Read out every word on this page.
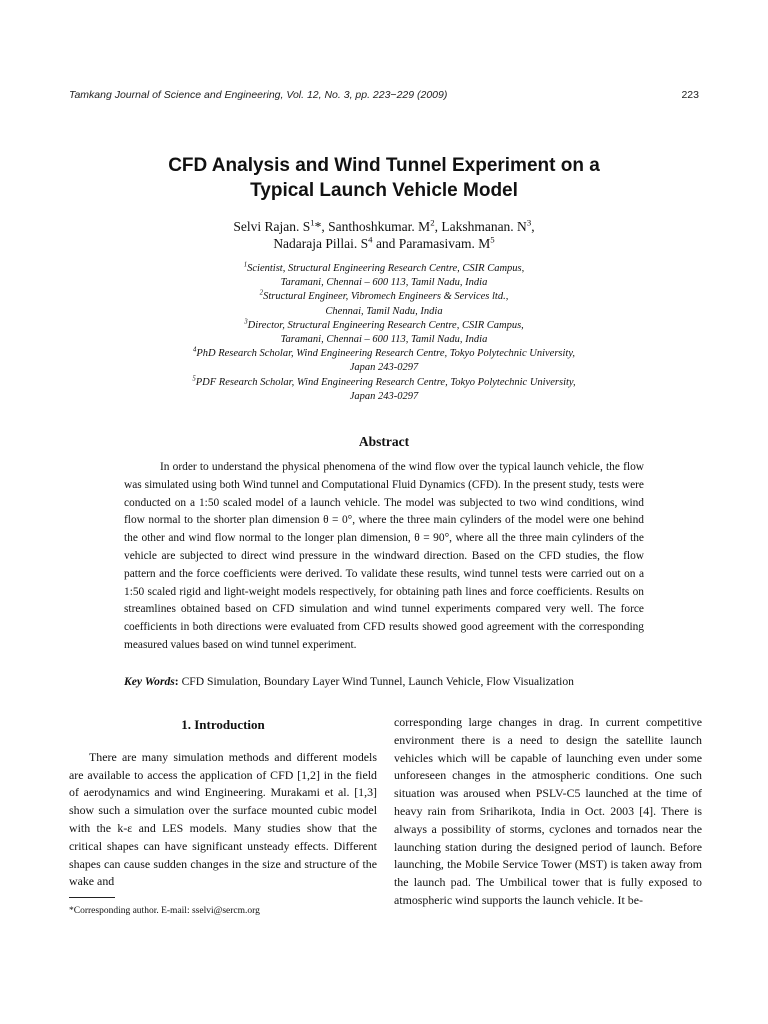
Tamkang Journal of Science and Engineering, Vol. 12, No. 3, pp. 223−229 (2009)	223
CFD Analysis and Wind Tunnel Experiment on a
Typical Launch Vehicle Model
Selvi Rajan. $S^1*$, Santhoshkumar. $M^2$, Lakshmanan. $N^3$,
Nadaraja Pillai. $S^4$ and Paramasivam. $M^5$
$^1$Scientist, Structural Engineering Research Centre, CSIR Campus,
Taramani, Chennai – 600 113, Tamil Nadu, India
$^2$Structural Engineer, Vibromech Engineers & Services ltd.,
Chennai, Tamil Nadu, India
$^3$Director, Structural Engineering Research Centre, CSIR Campus,
Taramani, Chennai – 600 113, Tamil Nadu, India
$^4$PhD Research Scholar, Wind Engineering Research Centre, Tokyo Polytechnic University,
Japan 243-0297
$^5$PDF Research Scholar, Wind Engineering Research Centre, Tokyo Polytechnic University,
Japan 243-0297
Abstract
In order to understand the physical phenomena of the wind flow over the typical launch vehicle, the flow was simulated using both Wind tunnel and Computational Fluid Dynamics (CFD). In the present study, tests were conducted on a 1:50 scaled model of a launch vehicle. The model was subjected to two wind conditions, wind flow normal to the shorter plan dimension θ = 0°, where the three main cylinders of the model were one behind the other and wind flow normal to the longer plan dimension, θ = 90°, where all the three main cylinders of the vehicle are subjected to direct wind pressure in the windward direction. Based on the CFD studies, the flow pattern and the force coefficients were derived. To validate these results, wind tunnel tests were carried out on a 1:50 scaled rigid and light-weight models respectively, for obtaining path lines and force coefficients. Results on streamlines obtained based on CFD simulation and wind tunnel experiments compared very well. The force coefficients in both directions were evaluated from CFD results showed good agreement with the corresponding measured values based on wind tunnel experiment.
Key Words: CFD Simulation, Boundary Layer Wind Tunnel, Launch Vehicle, Flow Visualization
1. Introduction

There are many simulation methods and different models are available to access the application of CFD [1,2] in the field of aerodynamics and wind Engineering. Murakami et al. [1,3] show such a simulation over the surface mounted cubic model with the k-ε and LES models. Many studies show that the critical shapes can have significant unsteady effects. Different shapes can cause sudden changes in the size and structure of the wake and

corresponding large changes in drag. In current competitive environment there is a need to design the satellite launch vehicles which will be capable of launching even under some unforeseen changes in the atmospheric conditions. One such situation was aroused when PSLV-C5 launched at the time of heavy rain from Sriharikota, India in Oct. 2003 [4]. There is always a possibility of storms, cyclones and tornados near the launching station during the designed period of launch. Before launching, the Mobile Service Tower (MST) is taken away from the launch pad. The Umbilical tower that is fully exposed to atmospheric wind supports the launch vehicle. It be-

*Corresponding author. E-mail: sselvi@sercm.org
